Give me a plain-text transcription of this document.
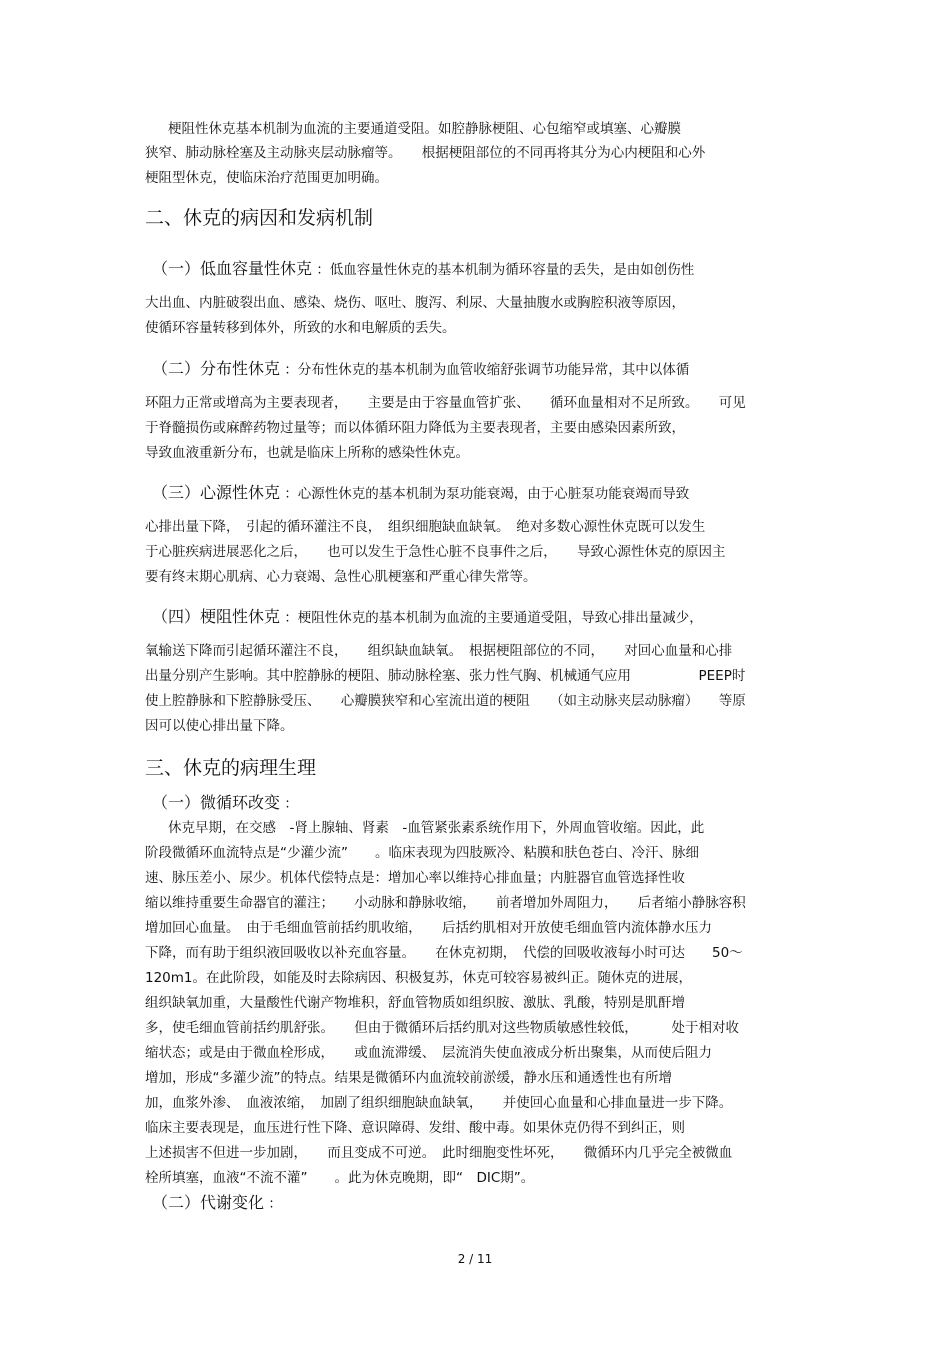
梗阻性休克基本机制为血流的主要通道受阻。如腔静脉梗阻、心包缩窄或填塞、心瓣膜
狭窄、肺动脉栓塞及主动脉夹层动脉瘤等。　　根据梗阻部位的不同再将其分为心内梗阻和心外
梗阻型休克，使临床治疗范围更加明确。
二、休克的病因和发病机制
（一）低血容量性休克 ：低血容量性休克的基本机制为循环容量的丢失，是由如创伤性
大出血、内脏破裂出血、感染、烧伤、呕吐、腹泻、利尿、大量抽腹水或胸腔积液等原因，
使循环容量转移到体外，所致的水和电解质的丢失。
（二）分布性休克 ：分布性休克的基本机制为血管收缩舒张调节功能异常，其中以体循
环阻力正常或增高为主要表现者，　　主要是由于容量血管扩张、　　循环血量相对不足所致。　　可见
于脊髓损伤或麻醉药物过量等；而以体循环阻力降低为主要表现者，主要由感染因素所致，
导致血液重新分布，也就是临床上所称的感染性休克。
（三）心源性休克 ：心源性休克的基本机制为泵功能衰竭，由于心脏泵功能衰竭而导致
心排出量下降，　引起的循环灌注不良，　组织细胞缺血缺氧。　绝对多数心源性休克既可以发生
于心脏疾病进展恶化之后，　　也可以发生于急性心脏不良事件之后，　　导致心源性休克的原因主
要有终末期心肌病、心力衰竭、急性心肌梗塞和严重心律失常等。
（四）梗阻性休克 ：梗阻性休克的基本机制为血流的主要通道受阻，导致心排出量减少，
氧输送下降而引起循环灌注不良，　　组织缺血缺氧。　根据梗阻部位的不同，　　对回心血量和心排
出量分别产生影响。其中腔静脉的梗阻、肺动脉栓塞、张力性气胸、机械通气应用　　　　　PEEP时
使上腔静脉和下腔静脉受压、　　心瓣膜狭窄和心室流出道的梗阻　　（如主动脉夹层动脉瘤）　　等原
因可以使心排出量下降。
三、休克的病理生理
（一）微循环改变 ：
休克早期，在交感　-肾上腺轴、肾素　-血管紧张素系统作用下，外周血管收缩。因此，此
阶段微循环血流特点是“少灌少流”　　。临床表现为四肢厥冷、粘膜和肤色苍白、冷汗、脉细
速、脉压差小、尿少。机体代偿特点是：增加心率以维持心排血量；内脏器官血管选择性收
缩以维持重要生命器官的灌注；　　小动脉和静脉收缩，　　前者增加外周阻力，　　后者缩小静脉容积
增加回心血量。　由于毛细血管前括约肌收缩，　　后括约肌相对开放使毛细血管内流体静水压力
下降，而有助于组织液回吸收以补充血容量。　　在休克初期，　代偿的回吸收液每小时可达　　50～
120m1。在此阶段，如能及时去除病因、积极复苏，休克可较容易被纠正。随休克的进展，
组织缺氧加重，大量酸性代谢产物堆积，舒血管物质如组织胺、激肽、乳酸，特别是肌酐增
多，使毛细血管前括约肌舒张。　　但由于微循环后括约肌对这些物质敏感性较低，　　　处于相对收
缩状态；或是由于微血栓形成，　　或血流滞缓、　层流消失使血液成分析出聚集，从而使后阻力
增加，形成“多灌少流”的特点。结果是微循环内血流较前淤缓，静水压和通透性也有所增
加，血浆外渗、　血液浓缩，　加剧了组织细胞缺血缺氧，　　并使回心血量和心排血量进一步下降。
临床主要表现是，血压进行性下降、意识障碍、发绀、酸中毒。如果休克仍得不到纠正，则
上述损害不但进一步加剧，　　而且变成不可逆。　此时细胞变性坏死，　　微循环内几乎完全被微血
栓所填塞，血液“不流不灌”　　。此为休克晚期，即“　DIC期”。
（二）代谢变化 ：
2 / 11
